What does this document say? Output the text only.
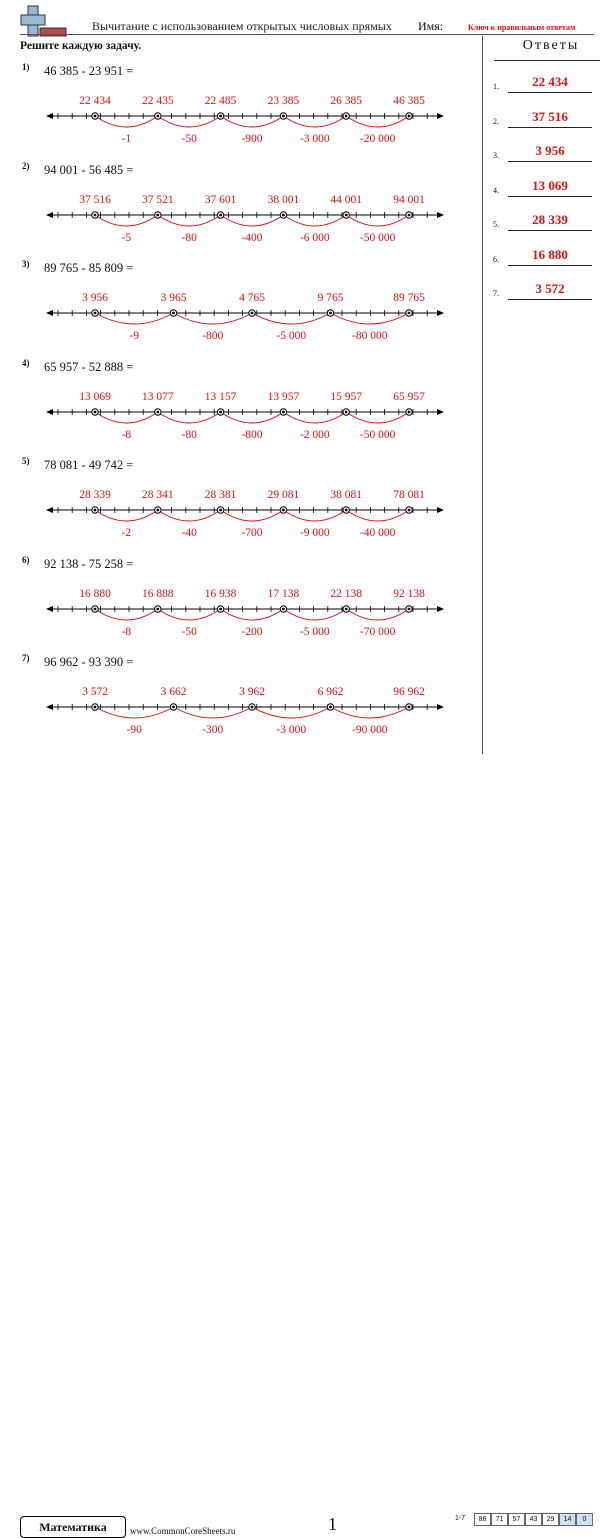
Вычитание с использованием открытых числовых прямых Имя:	Ключ к правильным ответам
Решите каждую задачу.	Ответы
1.	22 434
2.	37 516
3.	3 956
4.	13 069
5.	28 339
6.	16 880
7.	3 572
1) 46 385 - 23 951 =
-1	-50	-900	-3 000	-20 000
22 434	22 435	22 485	23 385	26 385	46 385
2) 94 001 - 56 485 =
-5	-80	-400	-6 000	-50 000
37 516	37 521	37 601	38 001	44 001	94 001
3) 89 765 - 85 809 =
-9	-800	-5 000	-80 000
3 956	3 965	4 765	9 765	89 765
4) 65 957 - 52 888 =
-8	-80	-800	-2 000	-50 000
13 069	13 077	13 157	13 957	15 957	65 957
5) 78 081 - 49 742 =
-2	-40	-700	-9 000	-40 000
28 339	28 341	28 381	29 081	38 081	78 081
6) 92 138 - 75 258 =
-8	-50	-200	-5 000	-70 000
16 880	16 888	16 938	17 138	22 138	92 138
7) 96 962 - 93 390 =
-90	-300	-3 000	-90 000
3 572	3 662	3 962	6 962	96 962
Математика	www.CommonCoreSheets.ru	1	1-7	86	71	57	43	29	14	0
